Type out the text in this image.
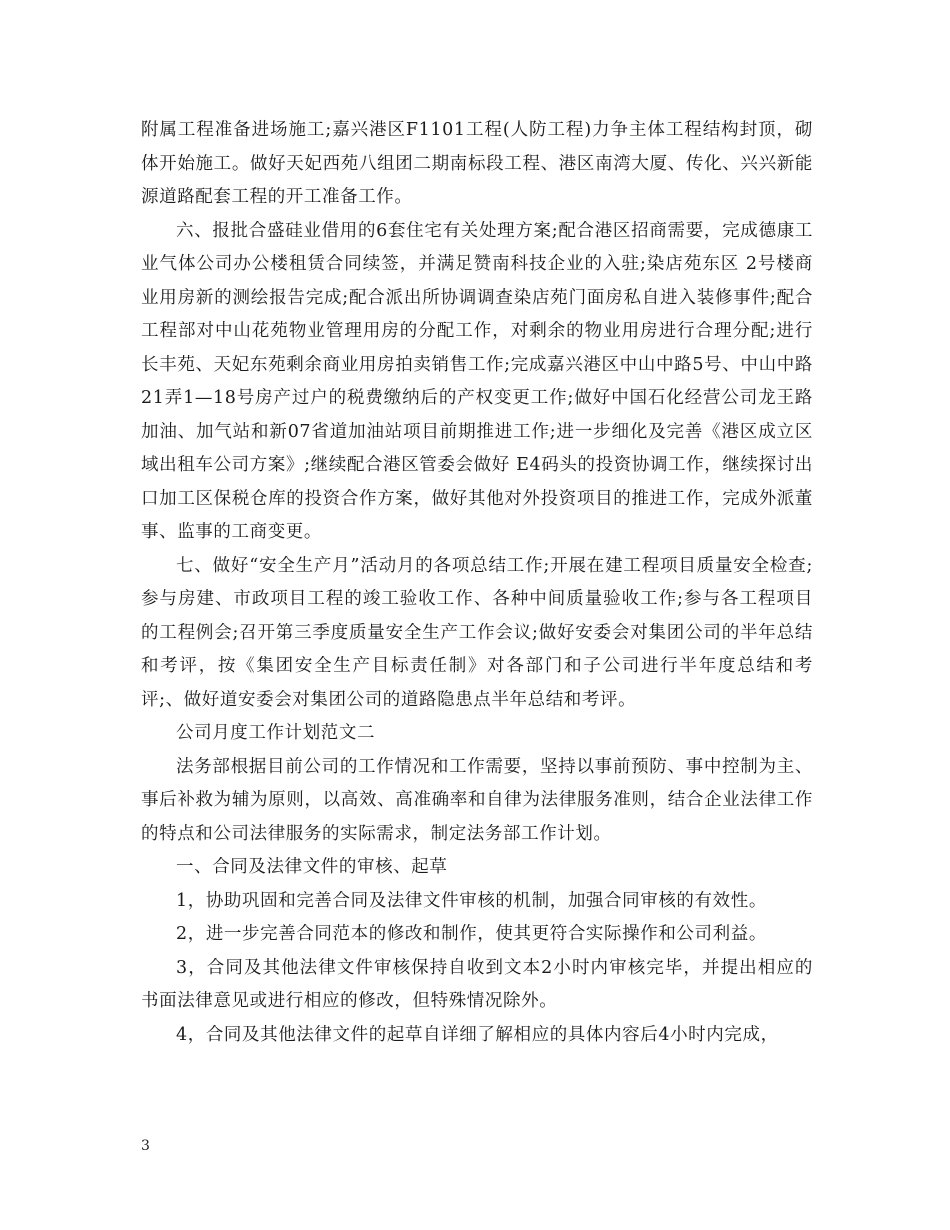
附属工程准备进场施工;嘉兴港区F1101工程(人防工程)力争主体工程结构封顶，砌体开始施工。做好天妃西苑八组团二期南标段工程、港区南湾大厦、传化、兴兴新能源道路配套工程的开工准备工作。

六、报批合盛硅业借用的6套住宅有关处理方案;配合港区招商需要，完成德康工业气体公司办公楼租赁合同续签，并满足赞南科技企业的入驻;染店苑东区 2号楼商业用房新的测绘报告完成;配合派出所协调调查染店苑门面房私自进入装修事件;配合工程部对中山花苑物业管理用房的分配工作，对剩余的物业用房进行合理分配;进行长丰苑、天妃东苑剩余商业用房拍卖销售工作;完成嘉兴港区中山中路5号、中山中路21弄1—18号房产过户的税费缴纳后的产权变更工作;做好中国石化经营公司龙王路加油、加气站和新07省道加油站项目前期推进工作;进一步细化及完善《港区成立区域出租车公司方案》;继续配合港区管委会做好 E4码头的投资协调工作，继续探讨出口加工区保税仓库的投资合作方案，做好其他对外投资项目的推进工作，完成外派董事、监事的工商变更。

七、做好“安全生产月”活动月的各项总结工作;开展在建工程项目质量安全检查;参与房建、市政项目工程的竣工验收工作、各种中间质量验收工作;参与各工程项目的工程例会;召开第三季度质量安全生产工作会议;做好安委会对集团公司的半年总结和考评，按《集团安全生产目标责任制》对各部门和子公司进行半年度总结和考评;、做好道安委会对集团公司的道路隐患点半年总结和考评。

公司月度工作计划范文二

法务部根据目前公司的工作情况和工作需要，坚持以事前预防、事中控制为主、事后补救为辅为原则，以高效、高准确率和自律为法律服务准则，结合企业法律工作的特点和公司法律服务的实际需求，制定法务部工作计划。

一、合同及法律文件的审核、起草

1，协助巩固和完善合同及法律文件审核的机制，加强合同审核的有效性。

2，进一步完善合同范本的修改和制作，使其更符合实际操作和公司利益。

3，合同及其他法律文件审核保持自收到文本2小时内审核完毕，并提出相应的书面法律意见或进行相应的修改，但特殊情况除外。

4，合同及其他法律文件的起草自详细了解相应的具体内容后4小时内完成，

3
